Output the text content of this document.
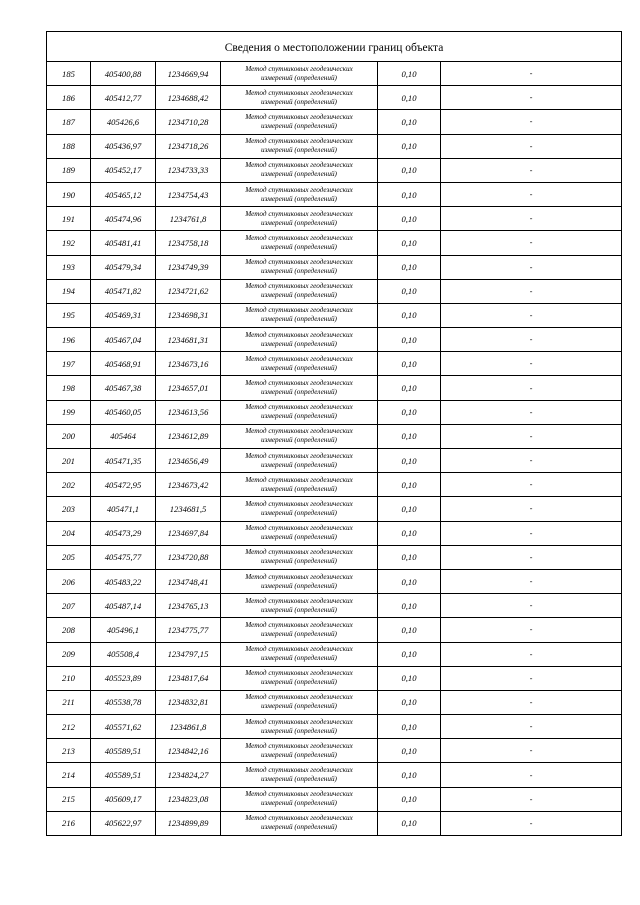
Сведения о местоположении границ объекта					
185	405400,88	1234669,94	Метод спутниковых геодезических
измерений (определений)	0,10	-
186	405412,77	1234688,42	Метод спутниковых геодезических
измерений (определений)	0,10	-
187	405426,6	1234710,28	Метод спутниковых геодезических
измерений (определений)	0,10	-
188	405436,97	1234718,26	Метод спутниковых геодезических
измерений (определений)	0,10	-
189	405452,17	1234733,33	Метод спутниковых геодезических
измерений (определений)	0,10	-
190	405465,12	1234754,43	Метод спутниковых геодезических
измерений (определений)	0,10	-
191	405474,96	1234761,8	Метод спутниковых геодезических
измерений (определений)	0,10	-
192	405481,41	1234758,18	Метод спутниковых геодезических
измерений (определений)	0,10	-
193	405479,34	1234749,39	Метод спутниковых геодезических
измерений (определений)	0,10	-
194	405471,82	1234721,62	Метод спутниковых геодезических
измерений (определений)	0,10	-
195	405469,31	1234698,31	Метод спутниковых геодезических
измерений (определений)	0,10	-
196	405467,04	1234681,31	Метод спутниковых геодезических
измерений (определений)	0,10	-
197	405468,91	1234673,16	Метод спутниковых геодезических
измерений (определений)	0,10	-
198	405467,38	1234657,01	Метод спутниковых геодезических
измерений (определений)	0,10	-
199	405460,05	1234613,56	Метод спутниковых геодезических
измерений (определений)	0,10	-
200	405464	1234612,89	Метод спутниковых геодезических
измерений (определений)	0,10	-
201	405471,35	1234656,49	Метод спутниковых геодезических
измерений (определений)	0,10	-
202	405472,95	1234673,42	Метод спутниковых геодезических
измерений (определений)	0,10	-
203	405471,1	1234681,5	Метод спутниковых геодезических
измерений (определений)	0,10	-
204	405473,29	1234697,84	Метод спутниковых геодезических
измерений (определений)	0,10	-
205	405475,77	1234720,88	Метод спутниковых геодезических
измерений (определений)	0,10	-
206	405483,22	1234748,41	Метод спутниковых геодезических
измерений (определений)	0,10	-
207	405487,14	1234765,13	Метод спутниковых геодезических
измерений (определений)	0,10	-
208	405496,1	1234775,77	Метод спутниковых геодезических
измерений (определений)	0,10	-
209	405508,4	1234797,15	Метод спутниковых геодезических
измерений (определений)	0,10	-
210	405523,89	1234817,64	Метод спутниковых геодезических
измерений (определений)	0,10	-
211	405538,78	1234832,81	Метод спутниковых геодезических
измерений (определений)	0,10	-
212	405571,62	1234861,8	Метод спутниковых геодезических
измерений (определений)	0,10	-
213	405589,51	1234842,16	Метод спутниковых геодезических
измерений (определений)	0,10	-
214	405589,51	1234824,27	Метод спутниковых геодезических
измерений (определений)	0,10	-
215	405609,17	1234823,08	Метод спутниковых геодезических
измерений (определений)	0,10	-
216	405622,97	1234899,89	Метод спутниковых геодезических
измерений (определений)	0,10	-
